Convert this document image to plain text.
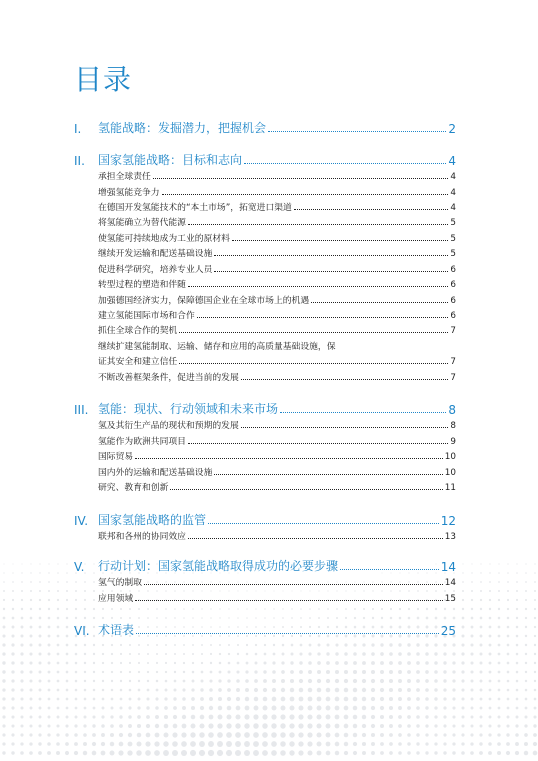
目录
I.	氢能战略：发掘潜力，把握机会	2
II.	国家氢能战略：目标和志向	4
承担全球责任	4
增强氢能竞争力	4
在德国开发氢能技术的“本土市场”，拓宽进口渠道	4
将氢能确立为替代能源	5
使氢能可持续地成为工业的原材料	5
继续开发运输和配送基础设施	5
促进科学研究，培养专业人员	6
转型过程的塑造和伴随	6
加强德国经济实力，保障德国企业在全球市场上的机遇	6
建立氢能国际市场和合作	6
抓住全球合作的契机	7
继续扩建氢能制取、运输、储存和应用的高质量基础设施，保
证其安全和建立信任	7
不断改善框架条件，促进当前的发展	7
III. 氢能：现状、行动领域和未来市场	8
氢及其衍生产品的现状和预期的发展	8
氢能作为欧洲共同项目	9
国际贸易	10
国内外的运输和配送基础设施	10
研究、教育和创新	11
IV. 国家氢能战略的监管	12
联邦和各州的协同效应	13
V.	行动计划：国家氢能战略取得成功的必要步骤	14
氢气的制取	14
应用领域	15
VI. 术语表	25
